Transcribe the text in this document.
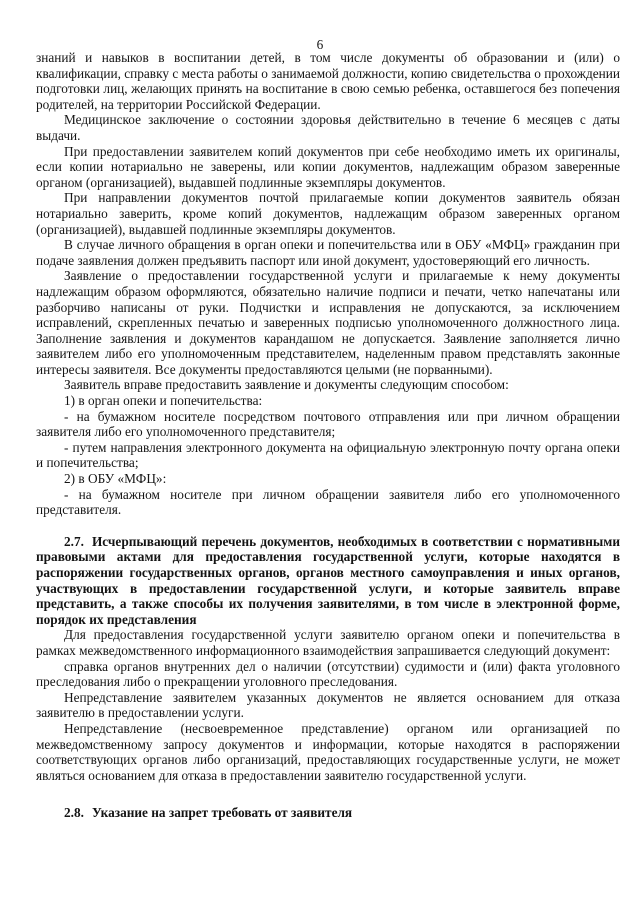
6

знаний и навыков в воспитании детей, в том числе документы об образовании и (или) о квалификации, справку с места работы о занимаемой должности, копию свидетельства о прохождении подготовки лиц, желающих принять на воспитание в свою семью ребенка, оставшегося без попечения родителей, на территории Российской Федерации.

Медицинское заключение о состоянии здоровья действительно в течение 6 месяцев с даты выдачи.

При предоставлении заявителем копий документов при себе необходимо иметь их оригиналы, если копии нотариально не заверены, или копии документов, надлежащим образом заверенные органом (организацией), выдавшей подлинные экземпляры документов.

При направлении документов почтой прилагаемые копии документов заявитель обязан нотариально заверить, кроме копий документов, надлежащим образом заверенных органом (организацией), выдавшей подлинные экземпляры документов.

В случае личного обращения в орган опеки и попечительства или в ОБУ «МФЦ» гражданин при подаче заявления должен предъявить паспорт или иной документ, удостоверяющий его личность.

Заявление о предоставлении государственной услуги и прилагаемые к нему документы надлежащим образом оформляются, обязательно наличие подписи и печати, четко напечатаны или разборчиво написаны от руки. Подчистки и исправления не допускаются, за исключением исправлений, скрепленных печатью и заверенных подписью уполномоченного должностного лица. Заполнение заявления и документов карандашом не допускается. Заявление заполняется лично заявителем либо его уполномоченным представителем, наделенным правом представлять законные интересы заявителя. Все документы предоставляются целыми (не порванными).

Заявитель вправе предоставить заявление и документы следующим способом:

1) в орган опеки и попечительства:

- на бумажном носителе посредством почтового отправления или при личном обращении заявителя либо его уполномоченного представителя;

- путем направления электронного документа на официальную электронную почту органа опеки и попечительства;

2) в ОБУ «МФЦ»:

- на бумажном носителе при личном обращении заявителя либо его уполномоченного представителя.

2.7. Исчерпывающий перечень документов, необходимых в соответствии с нормативными правовыми актами для предоставления государственной услуги, которые находятся в распоряжении государственных органов, органов местного самоуправления и иных органов, участвующих в предоставлении государственной услуги, и которые заявитель вправе представить, а также способы их получения заявителями, в том числе в электронной форме, порядок их представления

Для предоставления государственной услуги заявителю органом опеки и попечительства в рамках межведомственного информационного взаимодействия запрашивается следующий документ:

справка органов внутренних дел о наличии (отсутствии) судимости и (или) факта уголовного преследования либо о прекращении уголовного преследования.

Непредставление заявителем указанных документов не является основанием для отказа заявителю в предоставлении услуги.

Непредставление (несвоевременное представление) органом или организацией по межведомственному запросу документов и информации, которые находятся в распоряжении соответствующих органов либо организаций, предоставляющих государственные услуги, не может являться основанием для отказа в предоставлении заявителю государственной услуги.

2.8. Указание на запрет требовать от заявителя
